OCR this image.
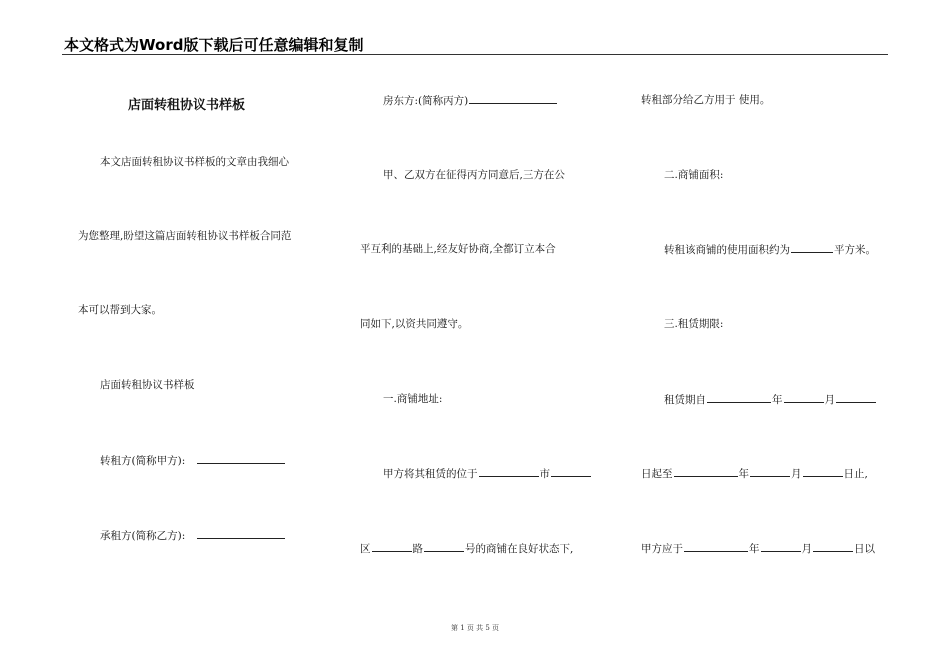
本文格式为Word版下载后可任意编辑和复制
店面转租协议书样板
本文店面转租协议书样板的文章由我细心
为您整理,盼望这篇店面转租协议书样板合同范
本可以帮到大家。
店面转租协议书样板
转租方(简称甲方):
承租方(简称乙方):
房东方:(简称丙方)
甲、乙双方在征得丙方同意后,三方在公
平互利的基础上,经友好协商,全都订立本合
同如下,以资共同遵守。
一.商铺地址:
甲方将其租赁的位于	市
区	路	号的商铺在良好状态下,
转租部分给乙方用于 使用。
二.商铺面积:
转租该商铺的使用面积约为	平方米。
三.租赁期限:
租赁期自	年	月
日起至	年	月	日止,
甲方应于	年	月	日以
第 1 页 共 5 页
